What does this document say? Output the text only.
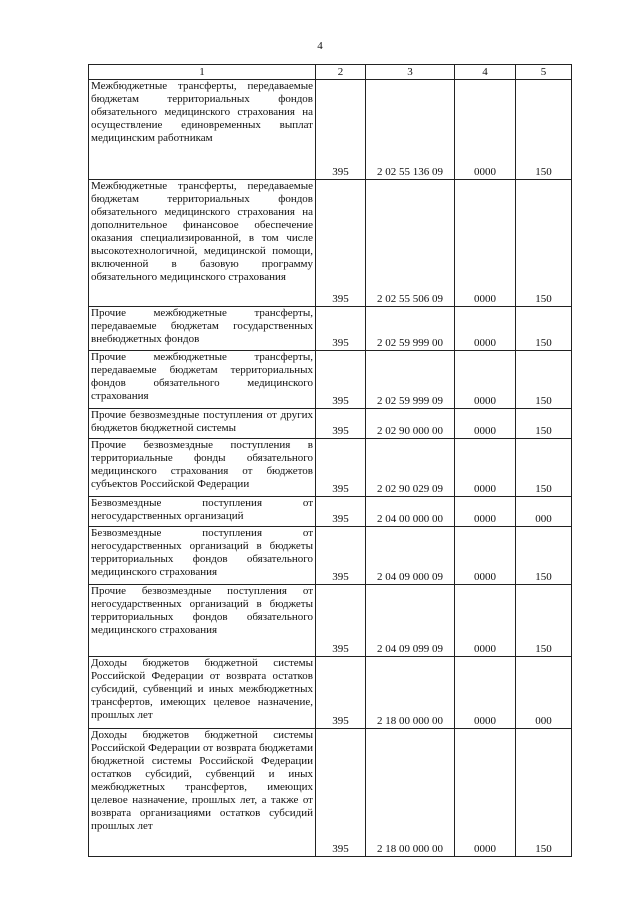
4
1	2	3	4	5
Межбюджетные трансферты, передаваемые бюджетам территориальных фондов обязательного медицинского страхования на осуществление единовременных выплат медицинским работникам	395	2 02 55 136 09	0000	150
Межбюджетные трансферты, передаваемые бюджетам территориальных фондов обязательного медицинского страхования на дополнительное финансовое обеспечение оказания специализированной, в том числе высокотехнологичной, медицинской помощи, включенной в базовую программу обязательного медицинского страхования	395	2 02 55 506 09	0000	150
Прочие межбюджетные трансферты, передаваемые бюджетам государственных внебюджетных фондов	395	2 02 59 999 00	0000	150
Прочие межбюджетные трансферты, передаваемые бюджетам территориальных фондов обязательного медицинского страхования	395	2 02 59 999 09	0000	150
Прочие безвозмездные поступления от других бюджетов бюджетной системы	395	2 02 90 000 00	0000	150
Прочие безвозмездные поступления в территориальные фонды обязательного медицинского страхования от бюджетов субъектов Российской Федерации	395	2 02 90 029 09	0000	150
Безвозмездные поступления от негосударственных организаций	395	2 04 00 000 00	0000	000
Безвозмездные поступления от негосударственных организаций в бюджеты территориальных фондов обязательного медицинского страхования	395	2 04 09 000 09	0000	150
Прочие безвозмездные поступления от негосударственных организаций в бюджеты территориальных фондов обязательного медицинского страхования	395	2 04 09 099 09	0000	150
Доходы бюджетов бюджетной системы Российской Федерации от возврата остатков субсидий, субвенций и иных межбюджетных трансфертов, имеющих целевое назначение, прошлых лет	395	2 18 00 000 00	0000	000
Доходы бюджетов бюджетной системы Российской Федерации от возврата бюджетами бюджетной системы Российской Федерации остатков субсидий, субвенций и иных межбюджетных трансфертов, имеющих целевое назначение, прошлых лет, а также от возврата организациями остатков субсидий прошлых лет	395	2 18 00 000 00	0000	150
